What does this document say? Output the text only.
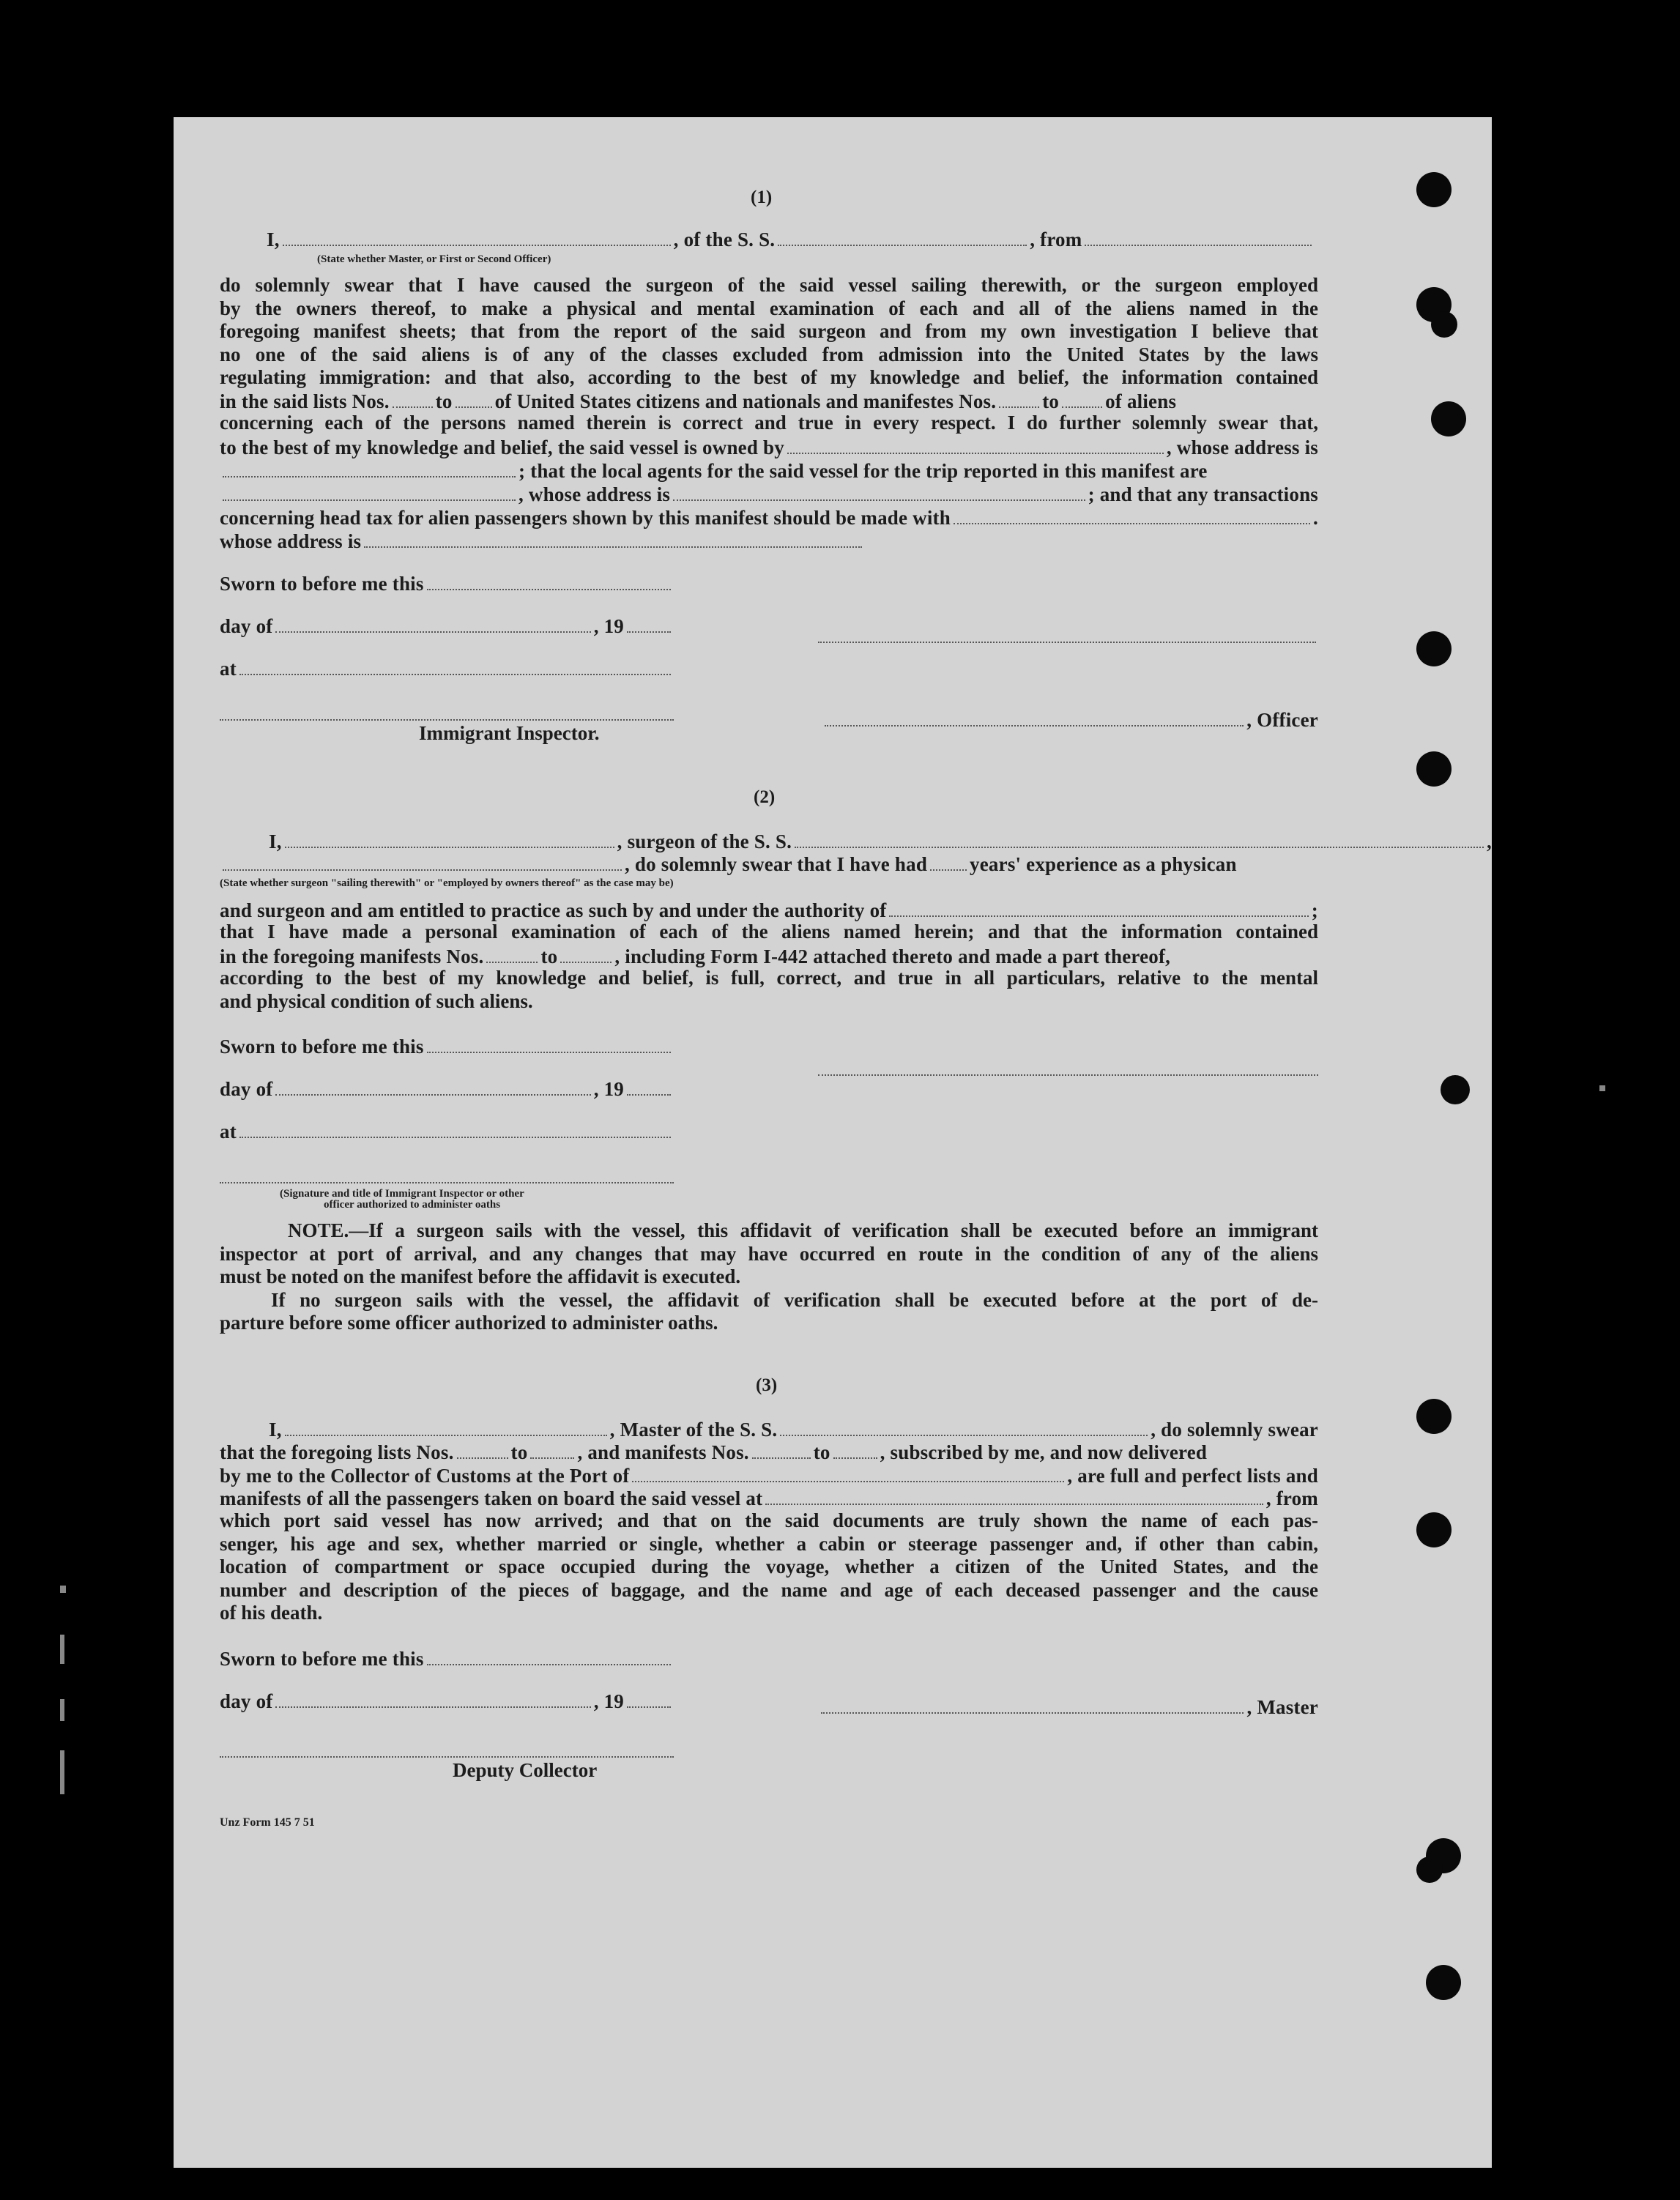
(1)
I,	, of the S. S.	, from
(State whether Master, or First or Second Officer)

do solemnly swear that I have caused the surgeon of the said vessel sailing therewith, or the surgeon employed

by the owners thereof, to make a physical and mental examination of each and all of the aliens named in the

foregoing manifest sheets; that from the report of the said surgeon and from my own investigation I believe that

no one of the said aliens is of any of the classes excluded from admission into the United States by the laws

regulating immigration: and that also, according to the best of my knowledge and belief, the information contained

in the said lists Nos. to of United States citizens and nationals and manifestes Nos. to of aliens

concerning each of the persons named therein is correct and true in every respect. I do further solemnly swear that,

to the best of my knowledge and belief, the said vessel is owned by	, whose address is
; that the local agents for the said vessel for the trip reported in this manifest are
, whose address is	; and that any transactions
concerning head tax for alien passengers shown by this manifest should be made with	.
whose address is
Sworn to before me this
day of	, 19
at
, Officer
Immigrant Inspector.
(2)
I,	, surgeon of the S. S.	,
, do solemnly swear that I have had years' experience as a physican
(State whether surgeon "sailing therewith" or "employed by owners thereof" as the case may be)
and surgeon and am entitled to practice as such by and under the authority of	;

that I have made a personal examination of each of the aliens named herein; and that the information contained

in the foregoing manifests Nos.	to	, including Form I-442 attached thereto and made a part thereof,

according to the best of my knowledge and belief, is full, correct, and true in all particulars, relative to the mental

and physical condition of such aliens.

Sworn to before me this
day of	, 19
at
(Signature and title of Immigrant Inspector or other
officer authorized to administer oaths

NOTE.—If a surgeon sails with the vessel, this affidavit of verification shall be executed before an immigrant

inspector at port of arrival, and any changes that may have occurred en route in the condition of any of the aliens

must be noted on the manifest before the affidavit is executed.

If no surgeon sails with the vessel, the affidavit of verification shall be executed before at the port of de-

parture before some officer authorized to administer oaths.

(3)
I,	, Master of the S. S.	, do solemnly swear
that the foregoing lists Nos.	to	, and manifests Nos.	to	, subscribed by me, and now delivered
by me to the Collector of Customs at the Port of	, are full and perfect lists and
manifests of all the passengers taken on board the said vessel at	, from

which port said vessel has now arrived; and that on the said documents are truly shown the name of each pas-

senger, his age and sex, whether married or single, whether a cabin or steerage passenger and, if other than cabin,

location of compartment or space occupied during the voyage, whether a citizen of the United States, and the

number and description of the pieces of baggage, and the name and age of each deceased passenger and the cause

of his death.

Sworn to before me this
day of	, 19	, Master
Deputy Collector
Unz Form 145 7 51
